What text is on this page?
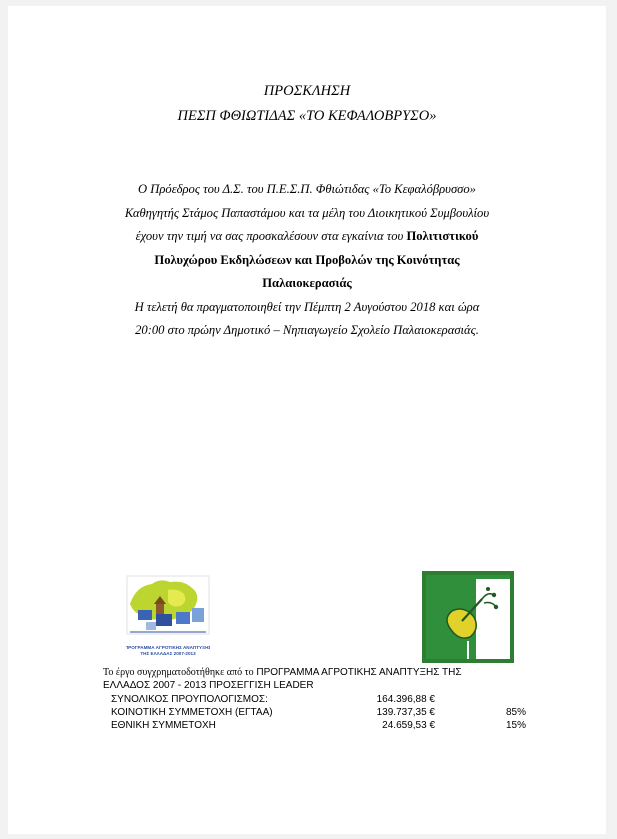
ΠΡΟΣΚΛΗΣΗ
ΠΕΣΠ ΦΘΙΩΤΙΔΑΣ «ΤΟ ΚΕΦΑΛΟΒΡΥΣΟ»
Ο Πρόεδρος του Δ.Σ. του Π.Ε.Σ.Π. Φθιώτιδας «Το Κεφαλόβρυσσο»
Καθηγητής Στάμος Παπαστάμου και τα μέλη του Διοικητικού Συμβουλίου
έχουν την τιμή να σας προσκαλέσουν στα εγκαίνια του Πολιτιστικού
Πολυχώρου Εκδηλώσεων και Προβολών της Κοινότητας
Παλαιοκερασιάς
Η τελετή θα πραγματοποιηθεί την Πέμπτη 2 Αυγούστου 2018 και ώρα
20:00 στο πρώην Δημοτικό – Νηπιαγωγείο Σχολείο Παλαιοκερασιάς.
ΠΡΟΓΡΑΜΜΑ ΑΓΡΟΤΙΚΗΣ ΑΝΑΠΤΥΞΗΣ
ΤΗΣ ΕΛΛΑΔΑΣ 2007-2013
Το έργο συγχρηματοδοτήθηκε από το ΠΡΟΓΡΑΜΜΑ ΑΓΡΟΤΙΚΗΣ ΑΝΑΠΤΥΞΗΣ ΤΗΣ
ΕΛΛΑΔΟΣ 2007 - 2013 ΠΡΟΣΕΓΓΙΣΗ LEADER
ΣΥΝΟΛΙΚΟΣ ΠΡΟΥΠΟΛΟΓΙΣΜΟΣ:	164.396,88 €
ΚΟΙΝΟΤΙΚΗ ΣΥΜΜΕΤΟΧΗ (ΕΓΤΑΑ)	139.737,35 €	85%
ΕΘΝΙΚΗ ΣΥΜΜΕΤΟΧΗ	24.659,53 €	15%
